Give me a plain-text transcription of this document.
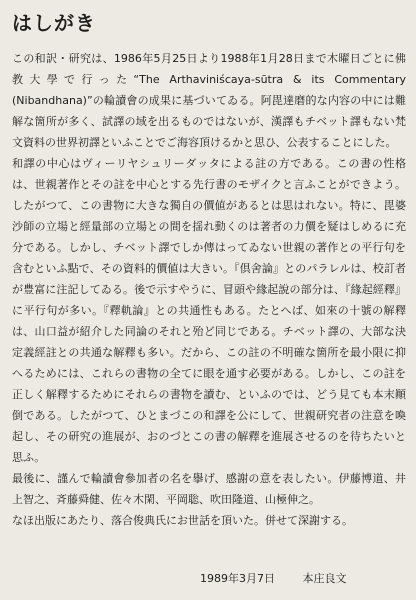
はしがき

この和訳・研究は、1986年5月25日より1988年1月28日まで木曜日ごとに佛教大學で行った“The Arthaviniścaya-sūtra & its Commentary (Nibandhana)”の輪讀會の成果に基づいてゐる。阿毘達磨的な内容の中には難解な箇所が多く、試譯の域を出るものではないが、漢譯もチベット譯もない梵文資料の世界初譯といふことでご海容頂けるかと思ひ、公表することにした。

和譯の中心はヴィーリヤシュリーダッタによる註の方である。この書の性格は、世親著作とその註を中心とする先行書のモザイクと言ふことができよう。したがつて、この書物に大きな獨自の價値があるとは思はれない。特に、毘婆沙師の立場と經量部の立場との間を揺れ動くのは著者の力價を疑はしめるに充分である。しかし、チベット譯でしか傳はってゐない世親の著作との平行句を含むといふ點で、その資料的價値は大きい。『倶舍論』とのパラレルは、校訂者が豊富に注記してゐる。後で示すやうに、冒頭や緣起說の部分は、『緣起經釋』に平行句が多い。『釋軌論』との共通性もある。たとへば、如來の十號の解釋は、山口益が紹介した同論のそれと殆ど同じである。チベット譯の、大部な決定義經註との共通な解釋も多い。だから、この註の不明確な箇所を最小限に抑へるためには、これらの書物の全てに眼を通す必要がある。しかし、この註を正しく解釋するためにそれらの書物を讀む、といふのでは、どう見ても本末顚倒である。したがつて、ひとまづこの和譯を公にして、世親研究者の注意を喚起し、その研究の進展が、おのづとこの書の解釋を進展させるのを待ちたいと思ふ。

最後に、謹んで輪讀會參加者の名を擧げ、感謝の意を表したい。伊藤博道、井上智之、斉藤舜健、佐々木閑、平岡聡、吹田隆道、山極伸之。

なほ出版にあたり、落合俊典氏にお世話を頂いた。併せて深謝する。

1989年3月7日	本庄良文
